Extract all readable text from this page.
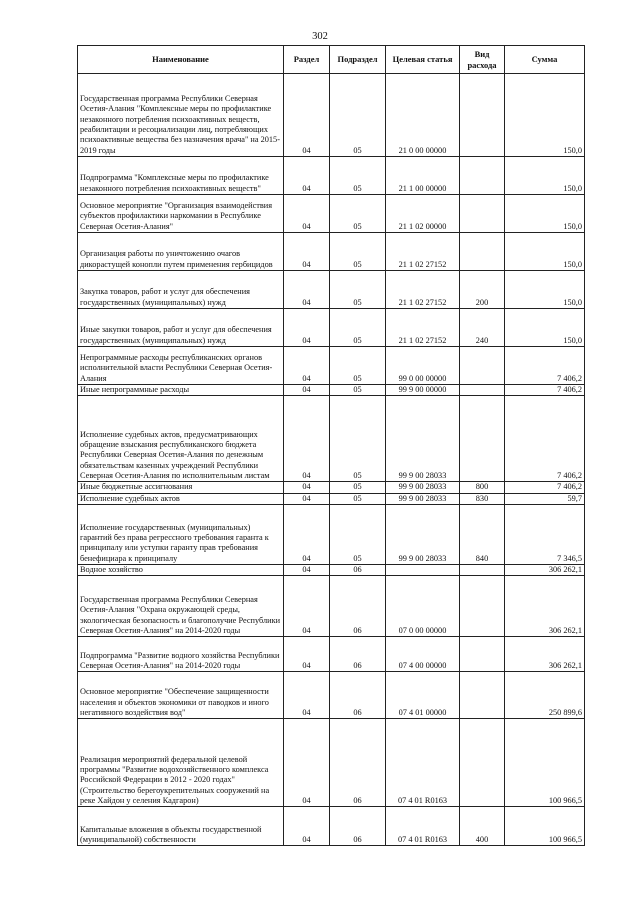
302
Наименование	Раздел	Подраздел	Целевая статья	Вид расхода	Сумма
Государственная программа Республики Северная Осетия-Алания "Комплексные меры по профилактике незаконного потребления психоактивных веществ, реабилитации и ресоциализации лиц, потребляющих психоактивные вещества без назначения врача" на 2015-2019 годы	04	05	21 0 00 00000		150,0
Подпрограмма "Комплексные меры по профилактике незаконного потребления психоактивных веществ"	04	05	21 1 00 00000		150,0
Основное мероприятие "Организация взаимодействия субъектов профилактики наркомании в Республике Северная Осетия-Алания"	04	05	21 1 02 00000		150,0
Организация работы по уничтожению очагов дикорастущей конопли путем применения гербицидов	04	05	21 1 02 27152		150,0
Закупка товаров, работ и услуг для обеспечения государственных (муниципальных) нужд	04	05	21 1 02 27152	200	150,0
Иные закупки товаров, работ и услуг для обеспечения государственных (муниципальных) нужд	04	05	21 1 02 27152	240	150,0
Непрограммные расходы республиканских органов исполнительной власти Республики Северная Осетия-Алания	04	05	99 0 00 00000		7 406,2
Иные непрограммные расходы	04	05	99 9 00 00000		7 406,2
Исполнение судебных актов, предусматривающих обращение взыскания республиканского бюджета Республики Северная Осетия-Алания по денежным обязательствам казенных учреждений Республики Северная Осетия-Алания по исполнительным листам	04	05	99 9 00 28033		7 406,2
Иные бюджетные ассигнования	04	05	99 9 00 28033	800	7 406,2
Исполнение судебных актов	04	05	99 9 00 28033	830	59,7
Исполнение государственных (муниципальных) гарантий без права регрессного требования гаранта к принципалу или уступки гаранту прав требования бенефициара к принципалу	04	05	99 9 00 28033	840	7 346,5
Водное хозяйство	04	06			306 262,1
Государственная программа Республики Северная Осетия-Алания "Охрана окружающей среды, экологическая безопасность и благополучие Республики Северная Осетия-Алания" на 2014-2020 годы	04	06	07 0 00 00000		306 262,1
Подпрограмма "Развитие водного хозяйства Республики Северная Осетия-Алания" на 2014-2020 годы	04	06	07 4 00 00000		306 262,1
Основное мероприятие "Обеспечение защищенности населения и объектов экономики от паводков и иного негативного воздействия вод"	04	06	07 4 01 00000		250 899,6
Реализация мероприятий федеральной целевой программы "Развитие водохозяйственного комплекса Российской Федерации в 2012 - 2020 годах" (Строительство берегоукрепительных сооружений на реке Хайдон у селения Кадгарон)	04	06	07 4 01 R0163		100 966,5
Капитальные вложения в объекты государственной (муниципальной) собственности	04	06	07 4 01 R0163	400	100 966,5
